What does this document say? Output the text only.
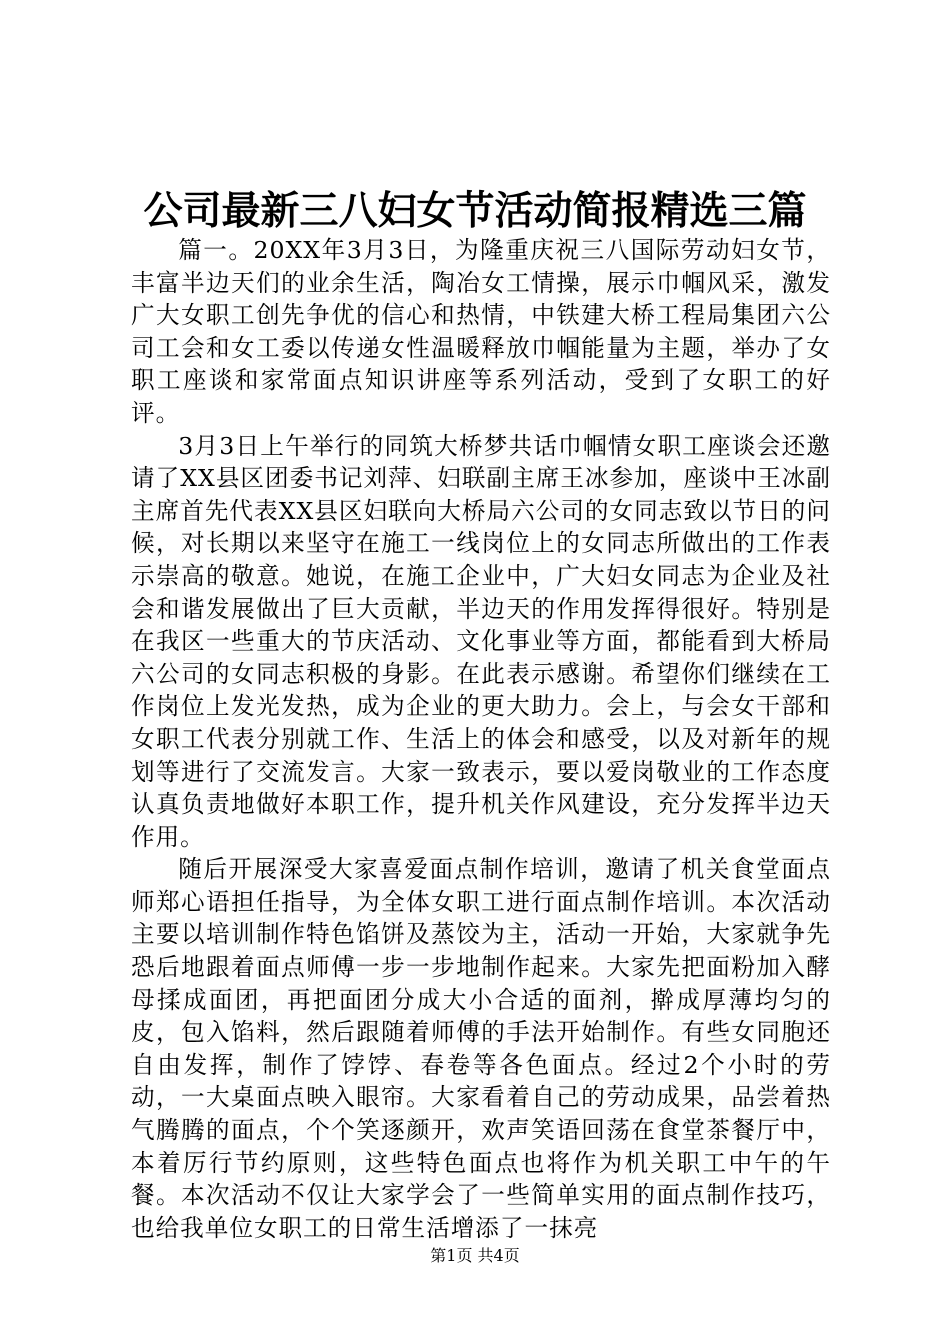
公司最新三八妇女节活动简报精选三篇

篇一。20XX年3月3日，为隆重庆祝三八国际劳动妇女节，丰富半边天们的业余生活，陶冶女工情操，展示巾帼风采，激发广大女职工创先争优的信心和热情，中铁建大桥工程局集团六公司工会和女工委以传递女性温暖释放巾帼能量为主题，举办了女职工座谈和家常面点知识讲座等系列活动，受到了女职工的好评。

3月3日上午举行的同筑大桥梦共话巾帼情女职工座谈会还邀请了XX县区团委书记刘萍、妇联副主席王冰参加，座谈中王冰副主席首先代表XX县区妇联向大桥局六公司的女同志致以节日的问候，对长期以来坚守在施工一线岗位上的女同志所做出的工作表示崇高的敬意。她说，在施工企业中，广大妇女同志为企业及社会和谐发展做出了巨大贡献，半边天的作用发挥得很好。特别是在我区一些重大的节庆活动、文化事业等方面，都能看到大桥局六公司的女同志积极的身影。在此表示感谢。希望你们继续在工作岗位上发光发热，成为企业的更大助力。会上，与会女干部和女职工代表分别就工作、生活上的体会和感受，以及对新年的规划等进行了交流发言。大家一致表示，要以爱岗敬业的工作态度认真负责地做好本职工作，提升机关作风建设，充分发挥半边天作用。

随后开展深受大家喜爱面点制作培训，邀请了机关食堂面点师郑心语担任指导，为全体女职工进行面点制作培训。本次活动主要以培训制作特色馅饼及蒸饺为主，活动一开始，大家就争先恐后地跟着面点师傅一步一步地制作起来。大家先把面粉加入酵母揉成面团，再把面团分成大小合适的面剂，擀成厚薄均匀的皮，包入馅料，然后跟随着师傅的手法开始制作。有些女同胞还自由发挥，制作了饽饽、春卷等各色面点。经过2个小时的劳动，一大桌面点映入眼帘。大家看着自己的劳动成果，品尝着热气腾腾的面点，个个笑逐颜开，欢声笑语回荡在食堂茶餐厅中，本着厉行节约原则，这些特色面点也将作为机关职工中午的午餐。本次活动不仅让大家学会了一些简单实用的面点制作技巧，也给我单位女职工的日常生活增添了一抹亮

第1页 共4页
